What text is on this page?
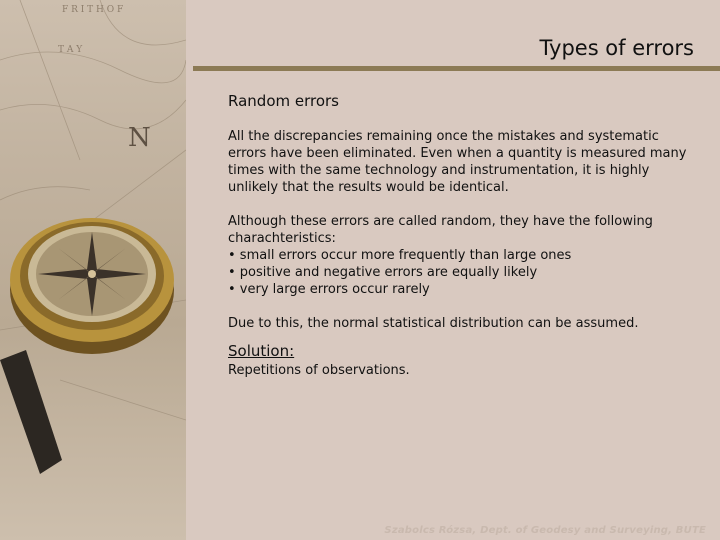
F R I T H O F
T A Y
N
Types of errors
Random errors

All the discrepancies remaining once the mistakes and systematic errors have been eliminated. Even when a quantity is measured many times with the same technology and instrumentation, it is highly unlikely that the results would be identical.

Although these errors are called random, they have the following charachteristics:

• small errors occur more frequently than large ones
• positive and negative errors are equally likely
• very large errors occur rarely

Due to this, the normal statistical distribution can be assumed.

Solution:
Repetitions of observations.
Szabolcs Rózsa, Dept. of Geodesy and Surveying, BUTE
